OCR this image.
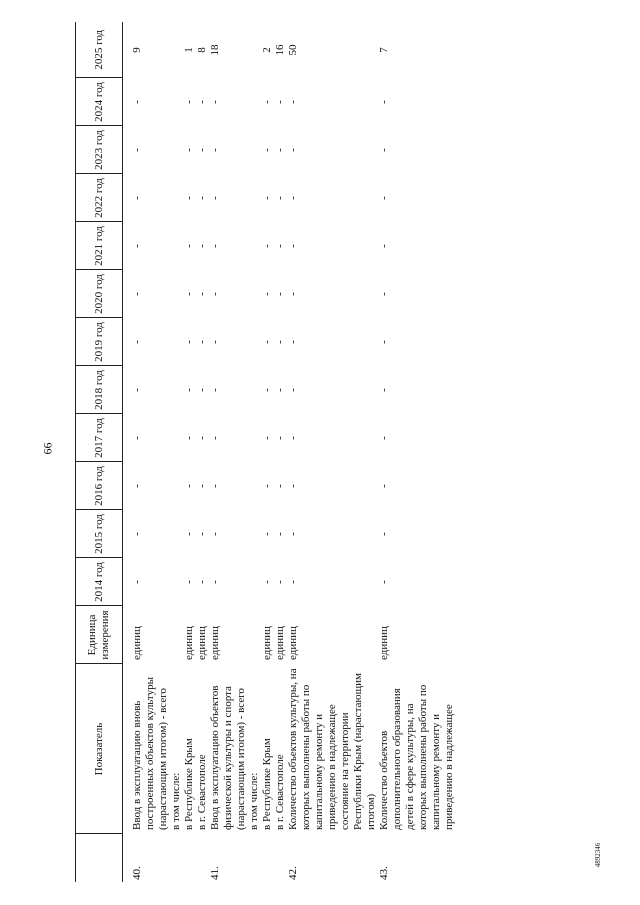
66
	Показатель	Единица измерения	2014 год	2015 год	2016 год	2017 год	2018 год	2019 год	2020 год	2021 год	2022 год	2023 год	2024 год	2025 год
40.	Ввод в эксплуатацию вновь построенных объектов культуры (нарастающим итогом) - всего	единиц	-	-	-	-	-	-	-	-	-	-	-	9
	в том числе:													
	в Республике Крым	единиц	-	-	-	-	-	-	-	-	-	-	-	1
	в г. Севастополе	единиц	-	-	-	-	-	-	-	-	-	-	-	8
41.	Ввод в эксплуатацию объектов физической культуры и спорта (нарастающим итогом) - всего	единиц	-	-	-	-	-	-	-	-	-	-	-	18
	в том числе:													
	в Республике Крым	единиц	-	-	-	-	-	-	-	-	-	-	-	2
	в г. Севастополе	единиц	-	-	-	-	-	-	-	-	-	-	-	16
42.	Количество объектов культуры, на которых выполнены работы по капитальному ремонту и приведению в надлежащее состояние на территории Республики Крым (нарастающим итогом)	единиц	-	-	-	-	-	-	-	-	-	-	-	50
43.	Количество объектов дополнительного образования детей в сфере культуры, на которых выполнены работы по капитальному ремонту и приведению в надлежащее	единиц	-	-	-	-	-	-	-	-	-	-	-	7
4892346
